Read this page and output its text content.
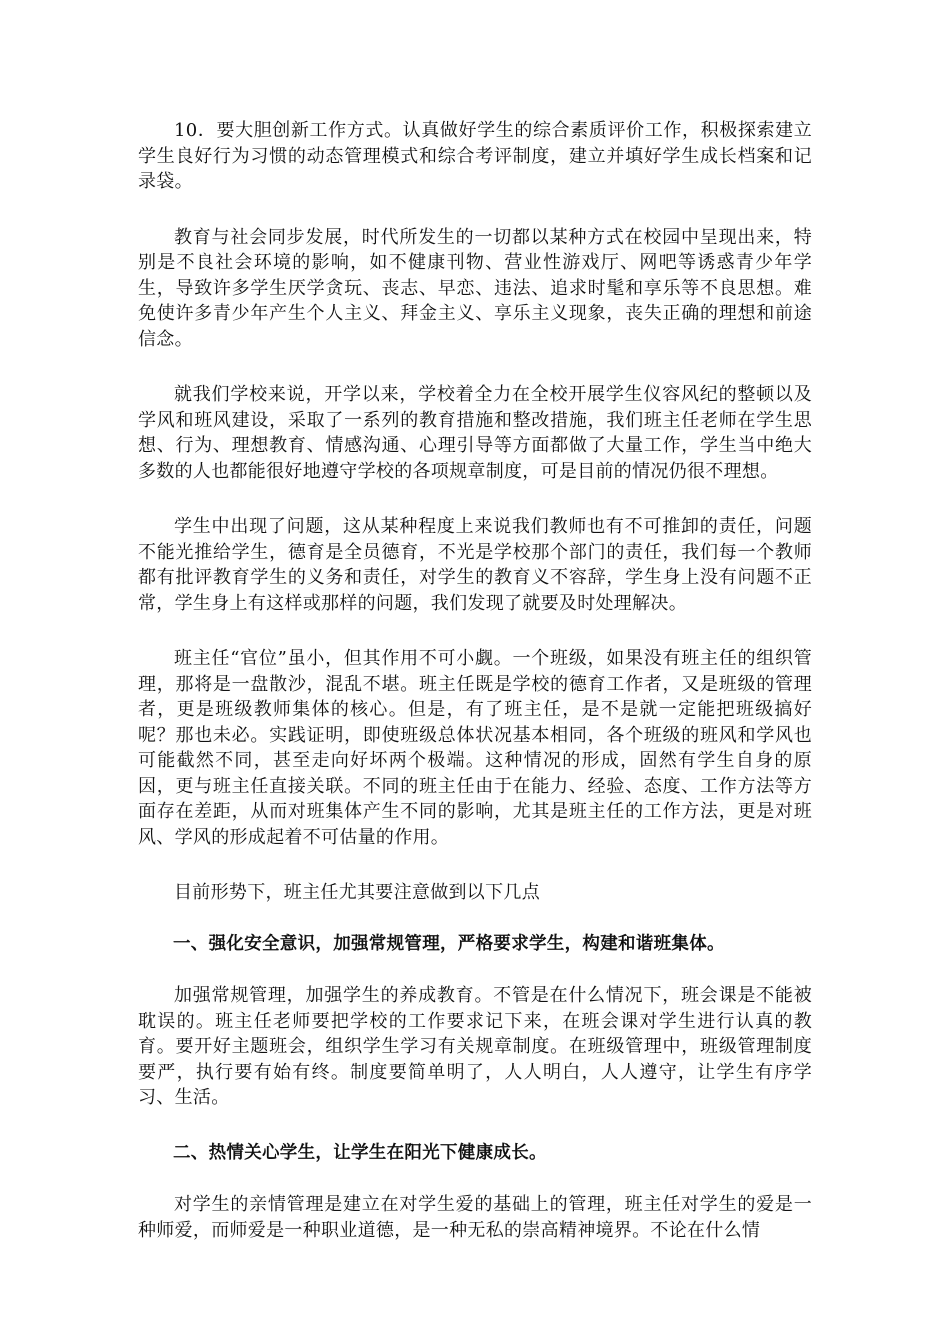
10．要大胆创新工作方式。认真做好学生的综合素质评价工作，积极探索建立学生良好行为习惯的动态管理模式和综合考评制度，建立并填好学生成长档案和记录袋。

教育与社会同步发展，时代所发生的一切都以某种方式在校园中呈现出来，特别是不良社会环境的影响，如不健康刊物、营业性游戏厅、网吧等诱惑青少年学生，导致许多学生厌学贪玩、丧志、早恋、违法、追求时髦和享乐等不良思想。难免使许多青少年产生个人主义、拜金主义、享乐主义现象，丧失正确的理想和前途信念。

就我们学校来说，开学以来，学校着全力在全校开展学生仪容风纪的整顿以及学风和班风建设，采取了一系列的教育措施和整改措施，我们班主任老师在学生思想、行为、理想教育、情感沟通、心理引导等方面都做了大量工作，学生当中绝大多数的人也都能很好地遵守学校的各项规章制度，可是目前的情况仍很不理想。

学生中出现了问题，这从某种程度上来说我们教师也有不可推卸的责任，问题不能光推给学生，德育是全员德育，不光是学校那个部门的责任，我们每一个教师都有批评教育学生的义务和责任，对学生的教育义不容辞，学生身上没有问题不正常，学生身上有这样或那样的问题，我们发现了就要及时处理解决。

班主任“官位”虽小，但其作用不可小觑。一个班级，如果没有班主任的组织管理，那将是一盘散沙，混乱不堪。班主任既是学校的德育工作者，又是班级的管理者，更是班级教师集体的核心。但是，有了班主任，是不是就一定能把班级搞好呢？那也未必。实践证明，即使班级总体状况基本相同，各个班级的班风和学风也可能截然不同，甚至走向好坏两个极端。这种情况的形成，固然有学生自身的原因，更与班主任直接关联。不同的班主任由于在能力、经验、态度、工作方法等方面存在差距，从而对班集体产生不同的影响，尤其是班主任的工作方法，更是对班风、学风的形成起着不可估量的作用。

目前形势下，班主任尤其要注意做到以下几点

一、强化安全意识，加强常规管理，严格要求学生，构建和谐班集体。

加强常规管理，加强学生的养成教育。不管是在什么情况下，班会课是不能被耽误的。班主任老师要把学校的工作要求记下来，在班会课对学生进行认真的教育。要开好主题班会，组织学生学习有关规章制度。在班级管理中，班级管理制度要严，执行要有始有终。制度要简单明了，人人明白，人人遵守，让学生有序学习、生活。

二、热情关心学生，让学生在阳光下健康成长。

对学生的亲情管理是建立在对学生爱的基础上的管理，班主任对学生的爱是一种师爱，而师爱是一种职业道德，是一种无私的崇高精神境界。不论在什么情
